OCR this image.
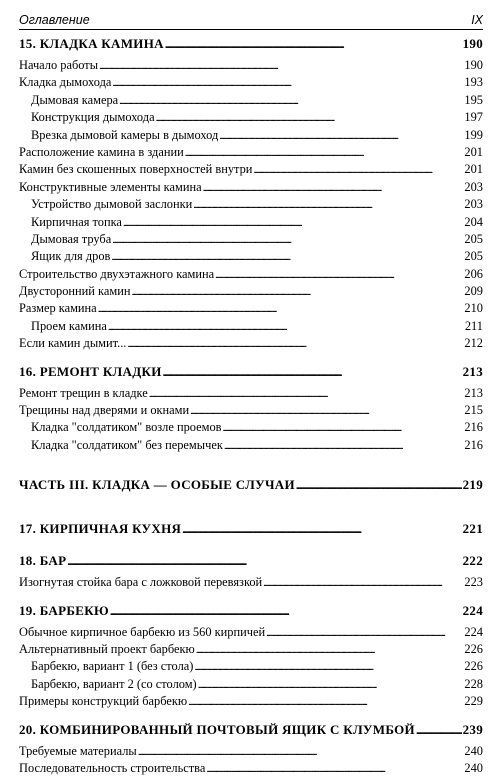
Оглавление	IX
15. КЛАДКА КАМИНА . . .	190
Начало работы . . .	190
Кладка дымохода . . .	193
Дымовая камера . . .	195
Конструкция дымохода . . .	197
Врезка дымовой камеры в дымоход . . .	199
Расположение камина в здании . . .	201
Камин без скошенных поверхностей внутри . . .	201
Конструктивные элементы камина . . .	203
Устройство дымовой заслонки . . .	203
Кирпичная топка . . .	204
Дымовая труба . . .	205
Ящик для дров . . .	205
Строительство двухэтажного камина . . .	206
Двусторонний камин . . .	209
Размер камина . . .	210
Проем камина . . .	211
Если камин дымит... . . .	212
16. РЕМОНТ КЛАДКИ . . .	213
Ремонт трещин в кладке . . .	213
Трещины над дверями и окнами . . .	215
Кладка "солдатиком" возле проемов . . .	216
Кладка "солдатиком" без перемычек . . .	216
ЧАСТЬ III. КЛАДКА — ОСОБЫЕ СЛУЧАИ . . .	219
17. КИРПИЧНАЯ КУХНЯ . . .	221
18. БАР . . .	222
Изогнутая стойка бара с ложковой перевязкой . . .	223
19. БАРБЕКЮ . . .	224
Обычное кирпичное барбекю из 560 кирпичей . . .	224
Альтернативный проект барбекю . . .	226
Барбекю, вариант 1 (без стола) . . .	226
Барбекю, вариант 2 (со столом) . . .	228
Примеры конструкций барбекю . . .	229
20. КОМБИНИРОВАННЫЙ ПОЧТОВЫЙ ЯЩИК С КЛУМБОЙ . . .	239
Требуемые материалы . . .	240
Последовательность строительства . . .	240
